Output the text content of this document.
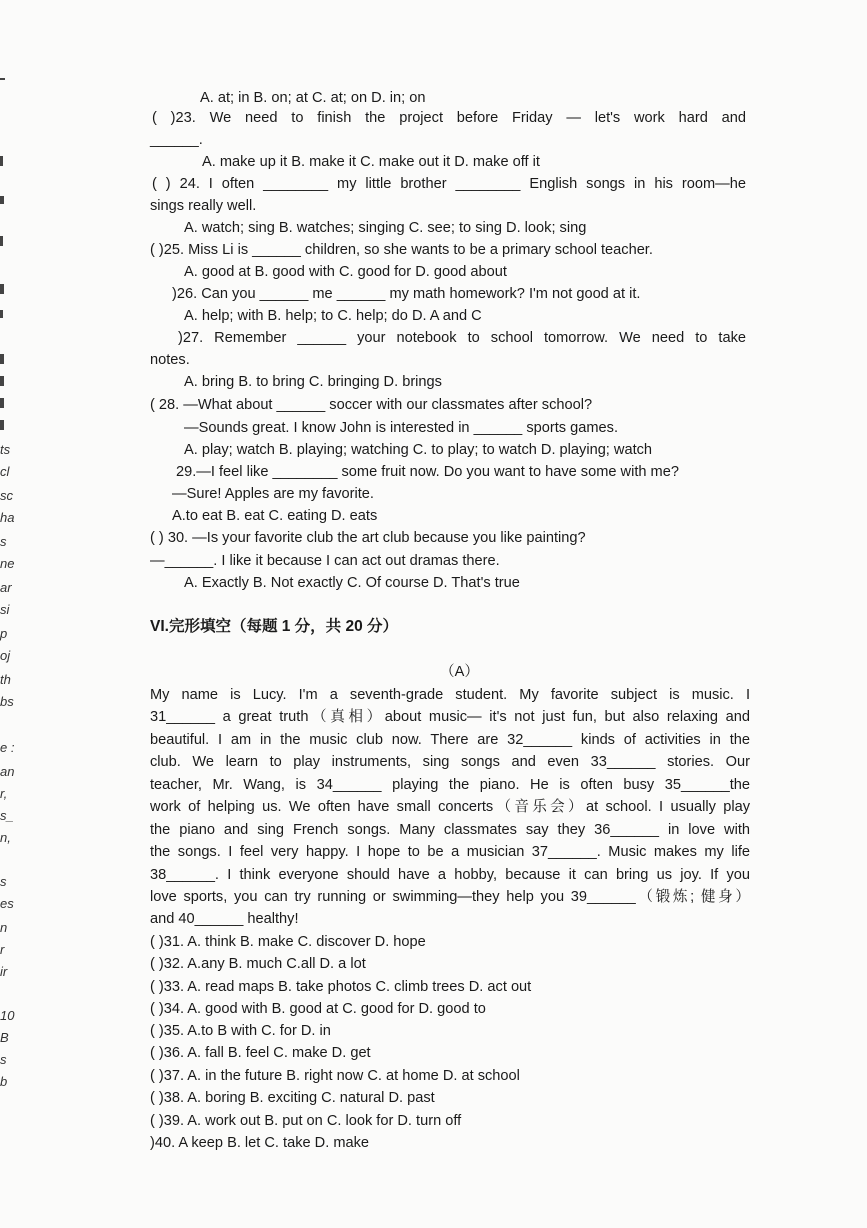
ts
cl
sc
ha
s
ne
ar
si
p
oj
th
bs
e :
an
r,
s_
n,
s
es
n
r
ir
10
B
s
b
A. at; in B. on; at C. at; on D. in; on
( )23. We need to finish the project before Friday — let's work hard and
______.
A. make up it B. make it C. make out it D. make off it
( ) 24. I often ________ my little brother ________ English songs in his room—he
sings really well.
A. watch; sing B. watches; singing C. see; to sing D. look; sing
( )25. Miss Li is ______ children, so she wants to be a primary school teacher.
A. good at B. good with C. good for D. good about
)26. Can you ______ me ______ my math homework? I'm not good at it.
A. help; with B. help; to C. help; do D. A and C
)27. Remember ______ your notebook to school tomorrow. We need to take
notes.
A. bring B. to bring C. bringing D. brings
( 28. —What about ______ soccer with our classmates after school?
—Sounds great. I know John is interested in ______ sports games.
A. play; watch B. playing; watching C. to play; to watch D. playing; watch
29.—I feel like ________ some fruit now. Do you want to have some with me?
—Sure! Apples are my favorite.
A.to eat B. eat C. eating D. eats
( ) 30. —Is your favorite club the art club because you like painting?
—______. I like it because I can act out dramas there.
A. Exactly B. Not exactly C. Of course D. That's true
VI.完形填空（每题 1 分，共 20 分）
（A）
My name is Lucy. I'm a seventh-grade student. My favorite subject is music. I
31______ a great truth（真相）about music— it's not just fun, but also relaxing and
beautiful. I am in the music club now. There are 32______ kinds of activities in the
club. We learn to play instruments, sing songs and even 33______ stories. Our
teacher, Mr. Wang, is 34______ playing the piano. He is often busy 35______the
work of helping us. We often have small concerts（音乐会）at school. I usually play
the piano and sing French songs. Many classmates say they 36______ in love with
the songs. I feel very happy. I hope to be a musician 37______. Music makes my life
38______. I think everyone should have a hobby, because it can bring us joy. If you
love sports, you can try running or swimming—they help you 39______（锻炼; 健身）
and 40______ healthy!
( )31. A. think B. make C. discover D. hope
( )32. A.any B. much C.all D. a lot
( )33. A. read maps B. take photos C. climb trees D. act out
( )34. A. good with B. good at C. good for D. good to
( )35. A.to B with C. for D. in
( )36. A. fall B. feel C. make D. get
( )37. A. in the future B. right now C. at home D. at school
( )38. A. boring B. exciting C. natural D. past
( )39. A. work out B. put on C. look for D. turn off
)40. A keep B. let C. take D. make
